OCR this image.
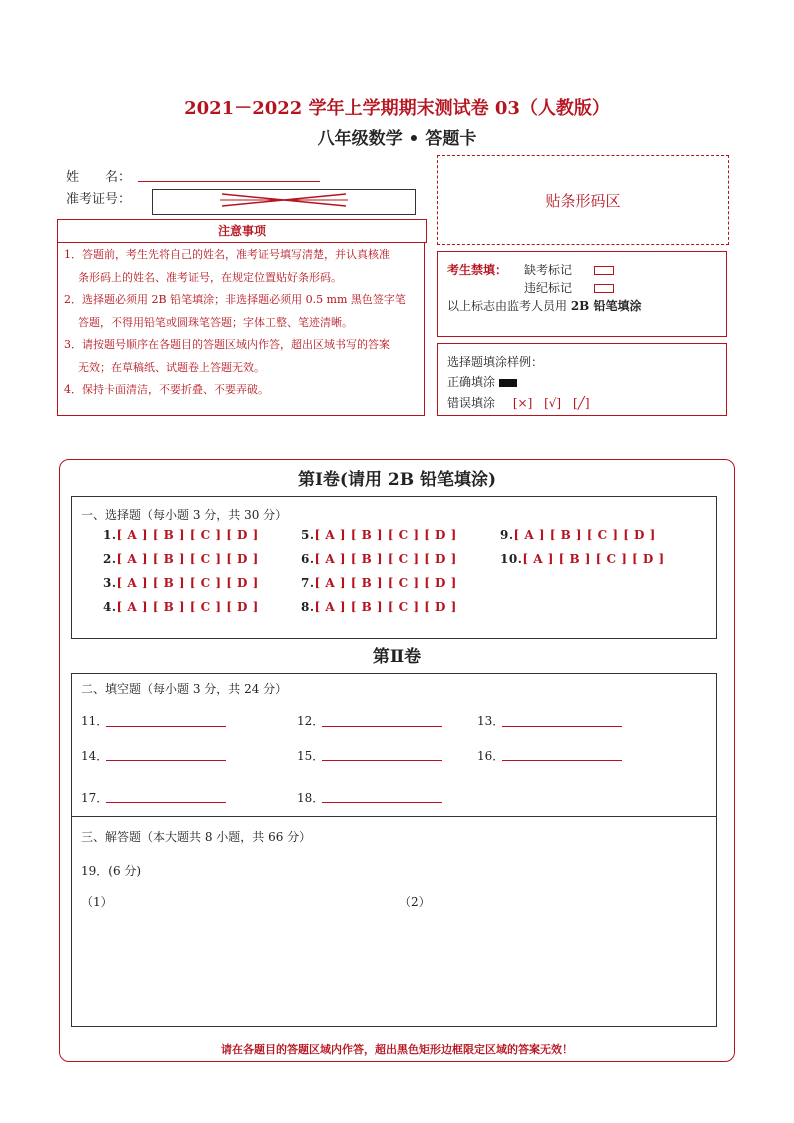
2021－2022 学年上学期期末测试卷 03（人教版）
八年级数学 • 答题卡
姓　　名：
准考证号：	贴条形码区
注意事项

1．答题前，考生先将自己的姓名，准考证号填写清楚，并认真核准

条形码上的姓名、准考证号，在规定位置贴好条形码。

2．选择题必须用 2B 铅笔填涂；非选择题必须用 0.5 mm 黑色签字笔

答题，不得用铅笔或圆珠笔答题；字体工整、笔迹清晰。

3．请按题号顺序在各题目的答题区域内作答，超出区域书写的答案

无效；在草稿纸、试题卷上答题无效。

4．保持卡面清洁，不要折叠、不要弄破。

考生禁填： 缺考标记
违纪标记
以上标志由监考人员用 2B 铅笔填涂
选择题填涂样例：
正确填涂
错误填涂 [×] [√] [╱]
第Ⅰ卷(请用 2B 铅笔填涂)
一、选择题（每小题 3 分，共 30 分）
1.[ A ] [ B ] [ C ] [ D ]
2.[ A ] [ B ] [ C ] [ D ]
3.[ A ] [ B ] [ C ] [ D ]
4.[ A ] [ B ] [ C ] [ D ]
5.[ A ] [ B ] [ C ] [ D ]
6.[ A ] [ B ] [ C ] [ D ]
7.[ A ] [ B ] [ C ] [ D ]
8.[ A ] [ B ] [ C ] [ D ]
9.[ A ] [ B ] [ C ] [ D ]
10.[ A ] [ B ] [ C ] [ D ]
第Ⅱ卷
二、填空题（每小题 3 分，共 24 分）
11．	12．	13．
14．	15．	16．
17．	18．
三、解答题（本大题共 8 小题，共 66 分）
19．(6 分)
（1）	（2）
请在各题目的答题区域内作答，超出黑色矩形边框限定区域的答案无效！
